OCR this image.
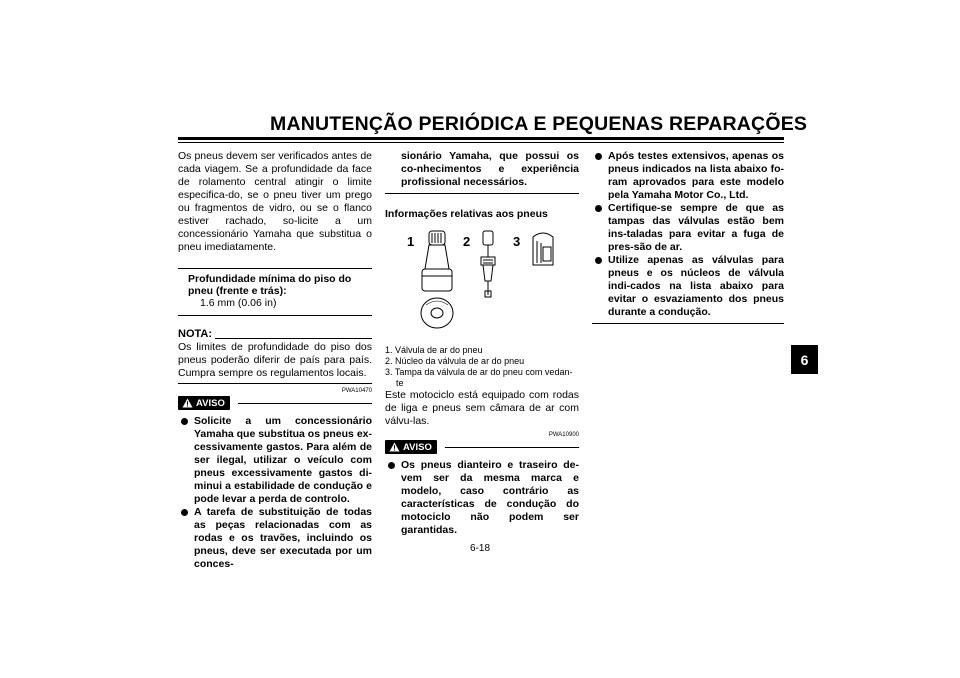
MANUTENÇÃO PERIÓDICA E PEQUENAS REPARAÇÕES
6

Os pneus devem ser verificados antes de cada viagem. Se a profundidade da face de rolamento central atingir o limite especifica-do, se o pneu tiver um prego ou fragmentos de vidro, ou se o flanco estiver rachado, so-licite a um concessionário Yamaha que substitua o pneu imediatamente.

Profundidade mínima do piso do pneu (frente e trás):
1.6 mm (0.06 in)
NOTA:

Os limites de profundidade do piso dos pneus poderão diferir de país para país. Cumpra sempre os regulamentos locais.

PWA10470
AVISO
Solicite a um concessionário Yamaha que substitua os pneus ex-cessivamente gastos. Para além de ser ilegal, utilizar o veículo com pneus excessivamente gastos di-minui a estabilidade de condução e pode levar a perda de controlo.
A tarefa de substituição de todas as peças relacionadas com as rodas e os travões, incluindo os pneus, deve ser executada por um conces-

sionário Yamaha, que possui os co-nhecimentos e experiência profissional necessários.

Informações relativas aos pneus
1	2	3
1. Válvula de ar do pneu
2. Núcleo da válvula de ar do pneu
3. Tampa da válvula de ar do pneu com vedan-te

Este motociclo está equipado com rodas de liga e pneus sem câmara de ar com válvu-las.

PWA10900
AVISO
Os pneus dianteiro e traseiro de-vem ser da mesma marca e modelo, caso contrário as características de condução do motociclo não podem ser garantidas.
Após testes extensivos, apenas os pneus indicados na lista abaixo fo-ram aprovados para este modelo pela Yamaha Motor Co., Ltd.
Certifique-se sempre de que as tampas das válvulas estão bem ins-taladas para evitar a fuga de pres-são de ar.
Utilize apenas as válvulas para pneus e os núcleos de válvula indi-cados na lista abaixo para evitar o esvaziamento dos pneus durante a condução.
6-18
